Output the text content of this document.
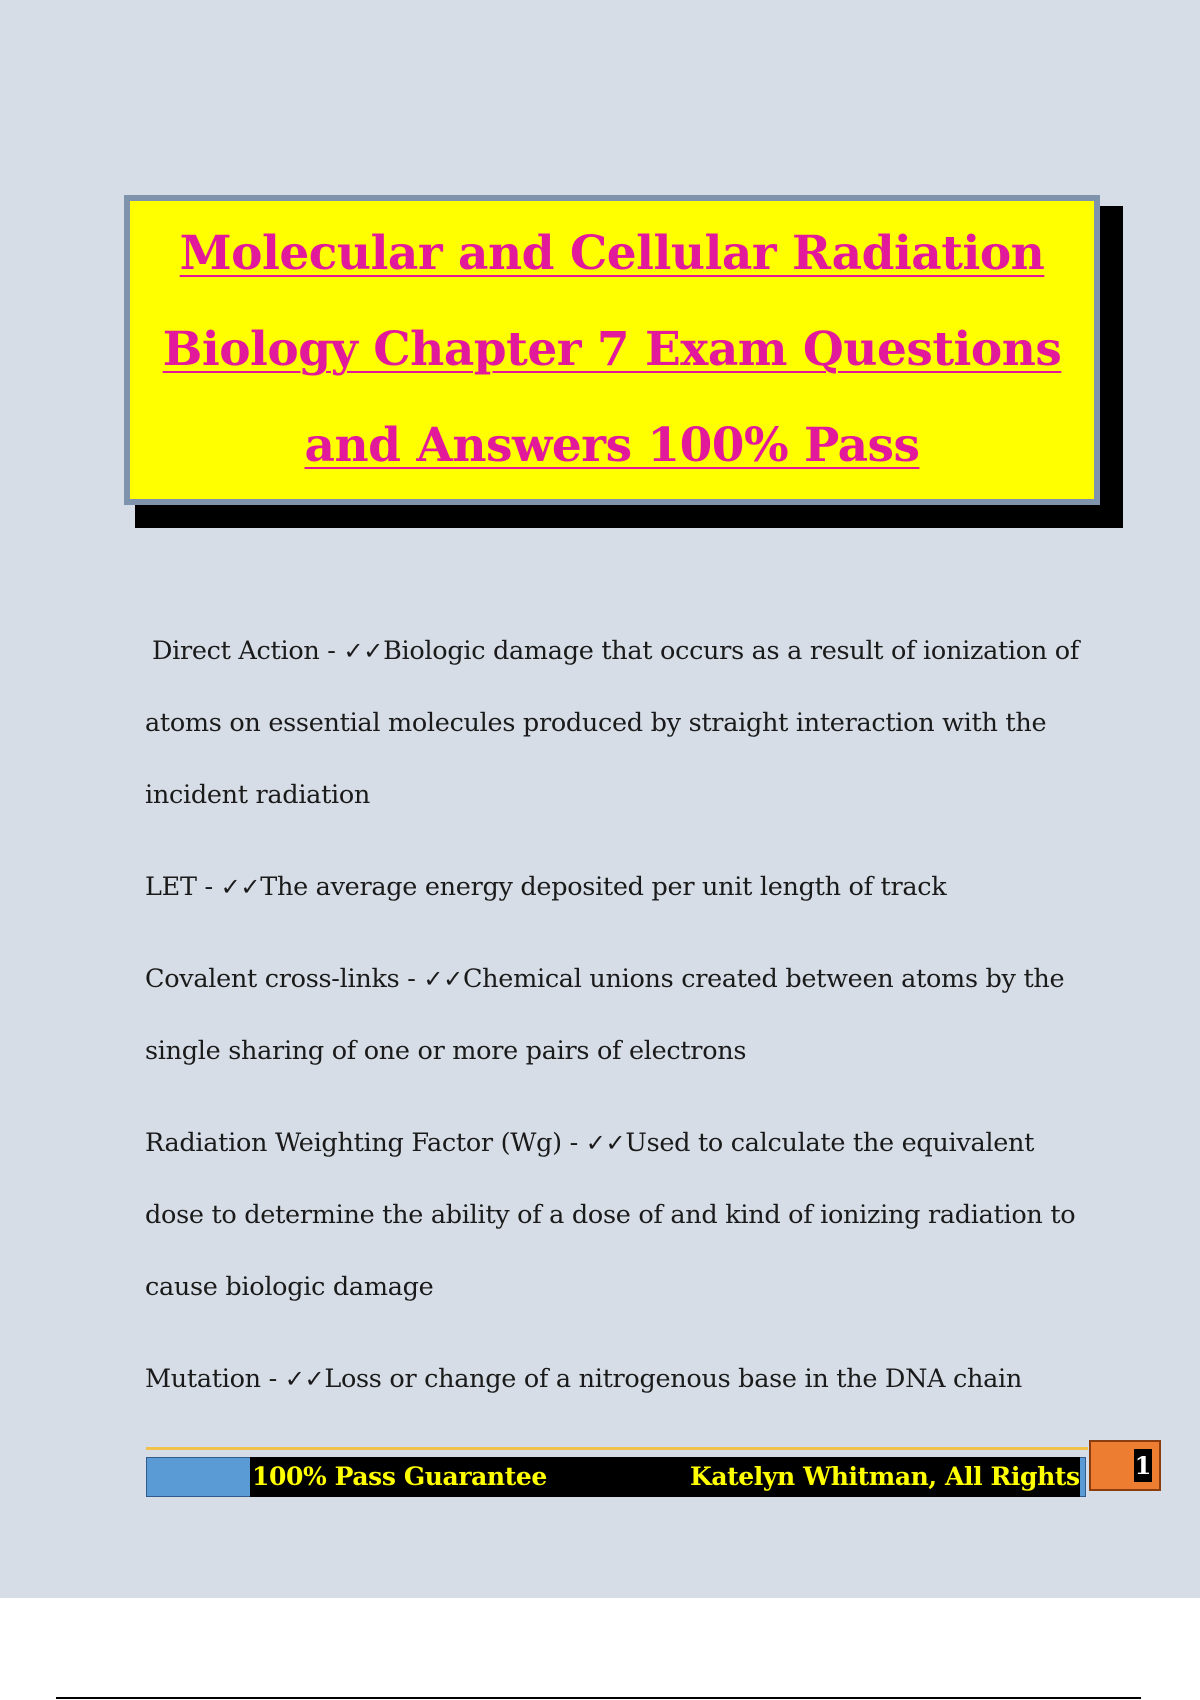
Molecular and Cellular Radiation Biology Chapter 7 Exam Questions and Answers 100% Pass

Direct Action - ✓✓Biologic damage that occurs as a result of ionization of atoms on essential molecules produced by straight interaction with the incident radiation

LET - ✓✓The average energy deposited per unit length of track

Covalent cross-links - ✓✓Chemical unions created between atoms by the single sharing of one or more pairs of electrons

Radiation Weighting Factor (Wg) - ✓✓Used to calculate the equivalent dose to determine the ability of a dose of and kind of ionizing radiation to cause biologic damage

Mutation - ✓✓Loss or change of a nitrogenous base in the DNA chain

100% Pass Guarantee	Katelyn Whitman, All Rights 1
